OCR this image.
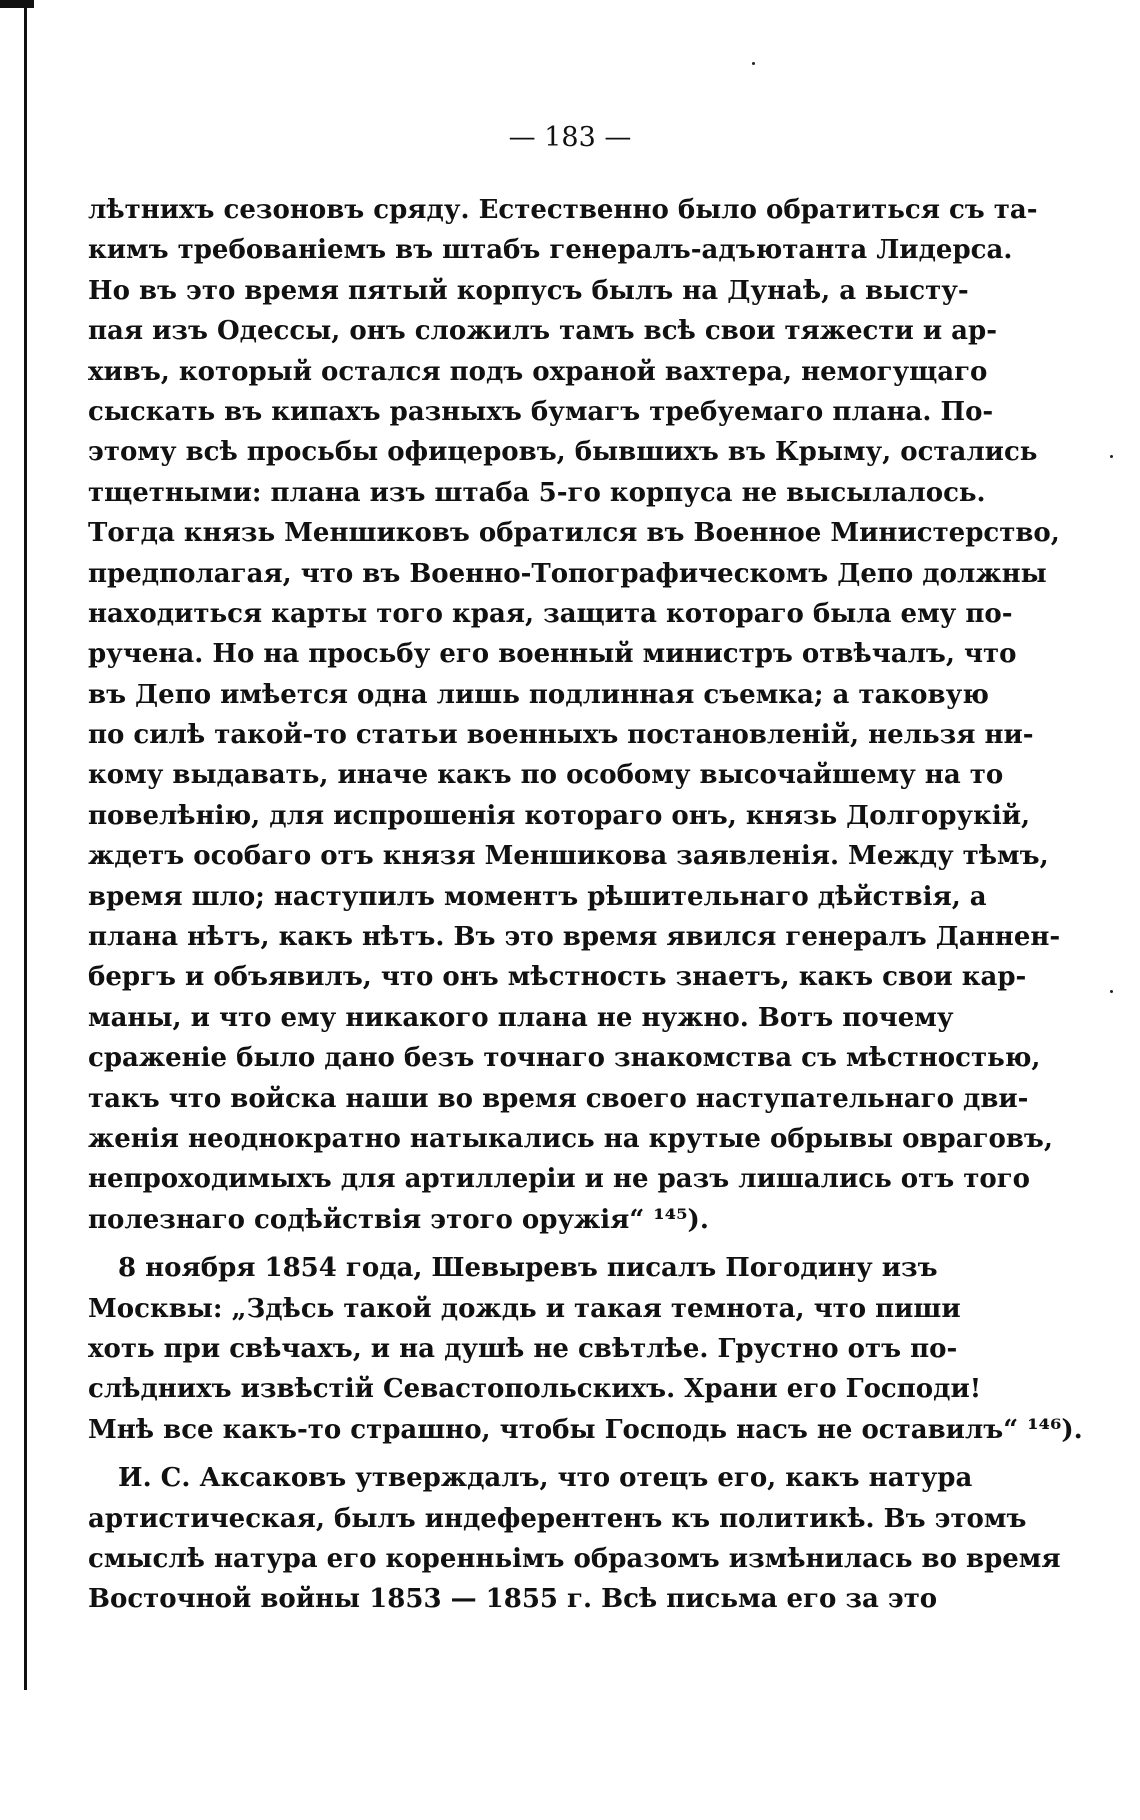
— 183 —
лѣтнихъ сезоновъ сряду. Естественно было обратиться съ та-
кимъ требованіемъ въ штабъ генералъ-адъютанта Лидерса.
Но въ это время пятый корпусъ былъ на Дунаѣ, а высту-
пая изъ Одессы, онъ сложилъ тамъ всѣ свои тяжести и ар-
хивъ, который остался подъ охраной вахтера, немогущаго
сыскать въ кипахъ разныхъ бумагъ требуемаго плана. По-
этому всѣ просьбы офицеровъ, бывшихъ въ Крыму, остались
тщетными: плана изъ штаба 5-го корпуса не высылалось.
Тогда князь Меншиковъ обратился въ Военное Министерство,
предполагая, что въ Военно-Топографическомъ Депо должны
находиться карты того края, защита котораго была ему по-
ручена. Но на просьбу его военный министръ отвѣчалъ, что
въ Депо имѣется одна лишь подлинная съемка; а таковую
по силѣ такой-то статьи военныхъ постановленій, нельзя ни-
кому выдавать, иначе какъ по особому высочайшему на то
повелѣнію, для испрошенія котораго онъ, князь Долгорукій,
ждетъ особаго отъ князя Меншикова заявленія. Между тѣмъ,
время шло; наступилъ моментъ рѣшительнаго дѣйствія, а
плана нѣтъ, какъ нѣтъ. Въ это время явился генералъ Даннен-
бергъ и объявилъ, что онъ мѣстность знаетъ, какъ свои кар-
маны, и что ему никакого плана не нужно. Вотъ почему
сраженіе было дано безъ точнаго знакомства съ мѣстностью,
такъ что войска наши во время своего наступательнаго дви-
женія неоднократно натыкались на крутые обрывы овраговъ,
непроходимыхъ для артиллеріи и не разъ лишались отъ того
полезнаго содѣйствія этого оружія“ ¹⁴⁵).
8 ноября 1854 года, Шевыревъ писалъ Погодину изъ
Москвы: „Здѣсь такой дождь и такая темнота, что пиши
хоть при свѣчахъ, и на душѣ не свѣтлѣе. Грустно отъ по-
слѣднихъ извѣстій Севастопольскихъ. Храни его Господи!
Мнѣ все какъ-то страшно, чтобы Господь насъ не оставилъ“ ¹⁴⁶).
И. С. Аксаковъ утверждалъ, что отецъ его, какъ натура
артистическая, былъ индеферентенъ къ политикѣ. Въ этомъ
смыслѣ натура его коренньімъ образомъ измѣнилась во время
Восточной войны 1853 — 1855 г. Всѣ письма его за это
